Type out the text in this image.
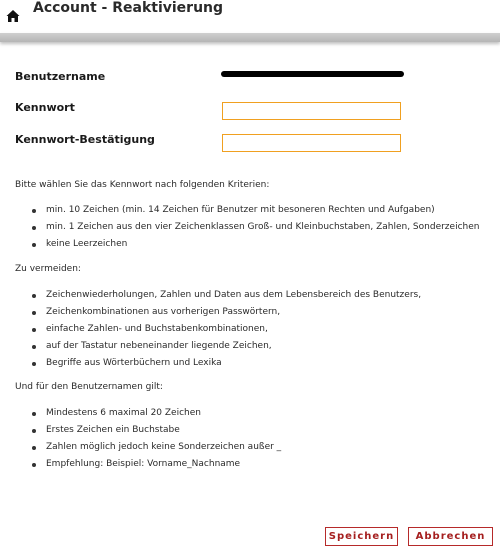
Account - Reaktivierung
Benutzername
Kennwort
Kennwort-Bestätigung
Bitte wählen Sie das Kennwort nach folgenden Kriterien:
min. 10 Zeichen (min. 14 Zeichen für Benutzer mit besoneren Rechten und Aufgaben)
min. 1 Zeichen aus den vier Zeichenklassen Groß- und Kleinbuchstaben, Zahlen, Sonderzeichen
keine Leerzeichen
Zu vermeiden:
Zeichenwiederholungen, Zahlen und Daten aus dem Lebensbereich des Benutzers,
Zeichenkombinationen aus vorherigen Passwörtern,
einfache Zahlen- und Buchstabenkombinationen,
auf der Tastatur nebeneinander liegende Zeichen,
Begriffe aus Wörterbüchern und Lexika
Und für den Benutzernamen gilt:
Mindestens 6 maximal 20 Zeichen
Erstes Zeichen ein Buchstabe
Zahlen möglich jedoch keine Sonderzeichen außer _
Empfehlung: Beispiel: Vorname_Nachname
Speichern	Abbrechen
